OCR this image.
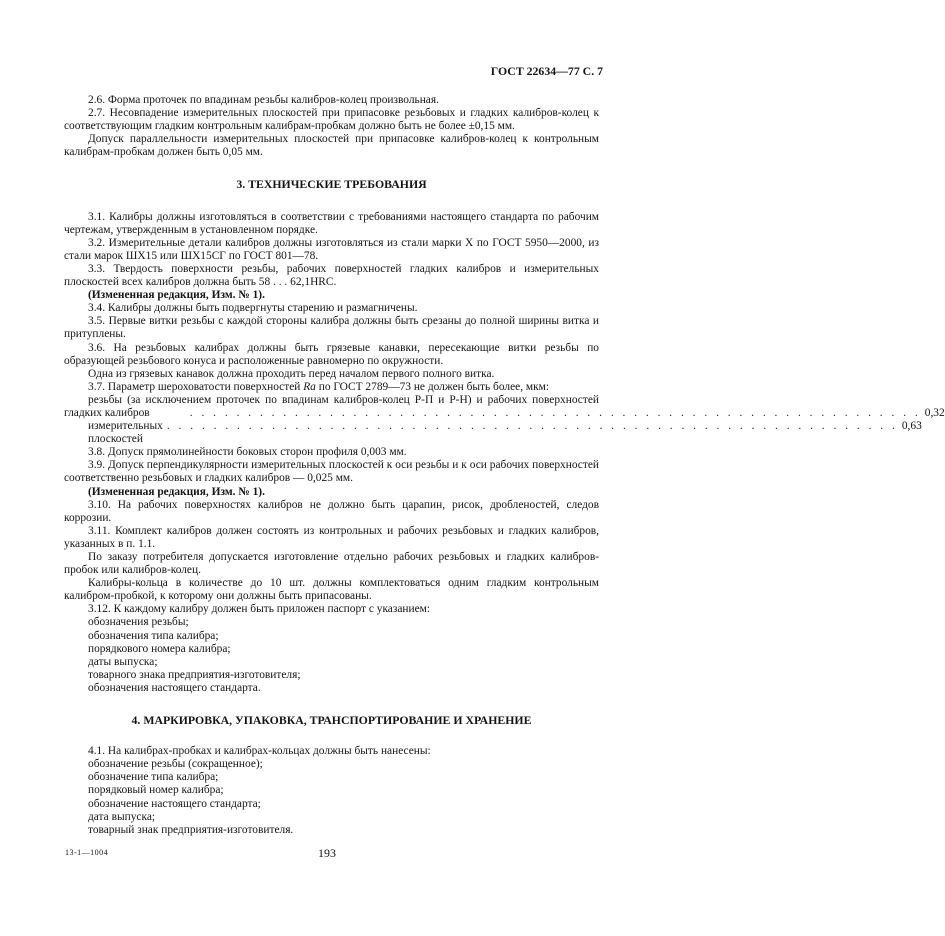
ГОСТ 22634—77 С. 7

2.6. Форма проточек по впадинам резьбы калибров-колец произвольная.

2.7. Несовпадение измерительных плоскостей при припасовке резьбовых и гладких калибров-колец к соответствующим гладким контрольным калибрам-пробкам должно быть не более ±0,15 мм.

Допуск параллельности измерительных плоскостей при припасовке калибров-колец к контрольным калибрам-пробкам должен быть 0,05 мм.

3. ТЕХНИЧЕСКИЕ ТРЕБОВАНИЯ

3.1. Калибры должны изготовляться в соответствии с требованиями настоящего стандарта по рабочим чертежам, утвержденным в установленном порядке.

3.2. Измерительные детали калибров должны изготовляться из стали марки X по ГОСТ 5950—2000, из стали марок ШХ15 или ШХ15СГ по ГОСТ 801—78.

3.3. Твердость поверхности резьбы, рабочих поверхностей гладких калибров и измерительных плоскостей всех калибров должна быть 58 . . . 62,1HRC.

(Измененная редакция, Изм. № 1).

3.4. Калибры должны быть подвергнуты старению и размагничены.

3.5. Первые витки резьбы с каждой стороны калибра должны быть срезаны до полной ширины витка и притуплены.

3.6. На резьбовых калибрах должны быть грязевые канавки, пересекающие витки резьбы по образующей резьбового конуса и расположенные равномерно по окружности.

Одна из грязевых канавок должна проходить перед началом первого полного витка.

3.7. Параметр шероховатости поверхностей Ra по ГОСТ 2789—73 не должен быть более, мкм:

резьбы (за исключением проточек по впадинам калибров-колец Р-П и Р-Н) и рабочих поверхностей гладких калибров	. . . . . . . . . . . . . . . . . . . . . . . . . . . . . . . . . . . . . . . . . . . . . . . . . . . . . . . . . . . . . . . 0,32
измерительных плоскостей
. . . . . . . . . . . . . . . . . . . . . . . . . . . . . . . . . . . . . . . . . . . . . . . . . . . . . . . . . . . . . . . 0,63

3.8. Допуск прямолинейности боковых сторон профиля 0,003 мм.

3.9. Допуск перпендикулярности измерительных плоскостей к оси резьбы и к оси рабочих поверхностей соответственно резьбовых и гладких калибров — 0,025 мм.

(Измененная редакция, Изм. № 1).

3.10. На рабочих поверхностях калибров не должно быть царапин, рисок, дробленостей, следов коррозии.

3.11. Комплект калибров должен состоять из контрольных и рабочих резьбовых и гладких калибров, указанных в п. 1.1.

По заказу потребителя допускается изготовление отдельно рабочих резьбовых и гладких калибров-пробок или калибров-колец.

Калибры-кольца в количестве до 10 шт. должны комплектоваться одним гладким контрольным калибром-пробкой, к которому они должны быть припасованы.

3.12. К каждому калибру должен быть приложен паспорт с указанием:

обозначения резьбы;

обозначения типа калибра;

порядкового номера калибра;

даты выпуска;

товарного знака предприятия-изготовителя;

обозначения настоящего стандарта.

4. МАРКИРОВКА, УПАКОВКА, ТРАНСПОРТИРОВАНИЕ И ХРАНЕНИЕ

4.1. На калибрах-пробках и калибрах-кольцах должны быть нанесены:

обозначение резьбы (сокращенное);

обозначение типа калибра;

порядковый номер калибра;

обозначение настоящего стандарта;

дата выпуска;

товарный знак предприятия-изготовителя.

13-1—1004	193
